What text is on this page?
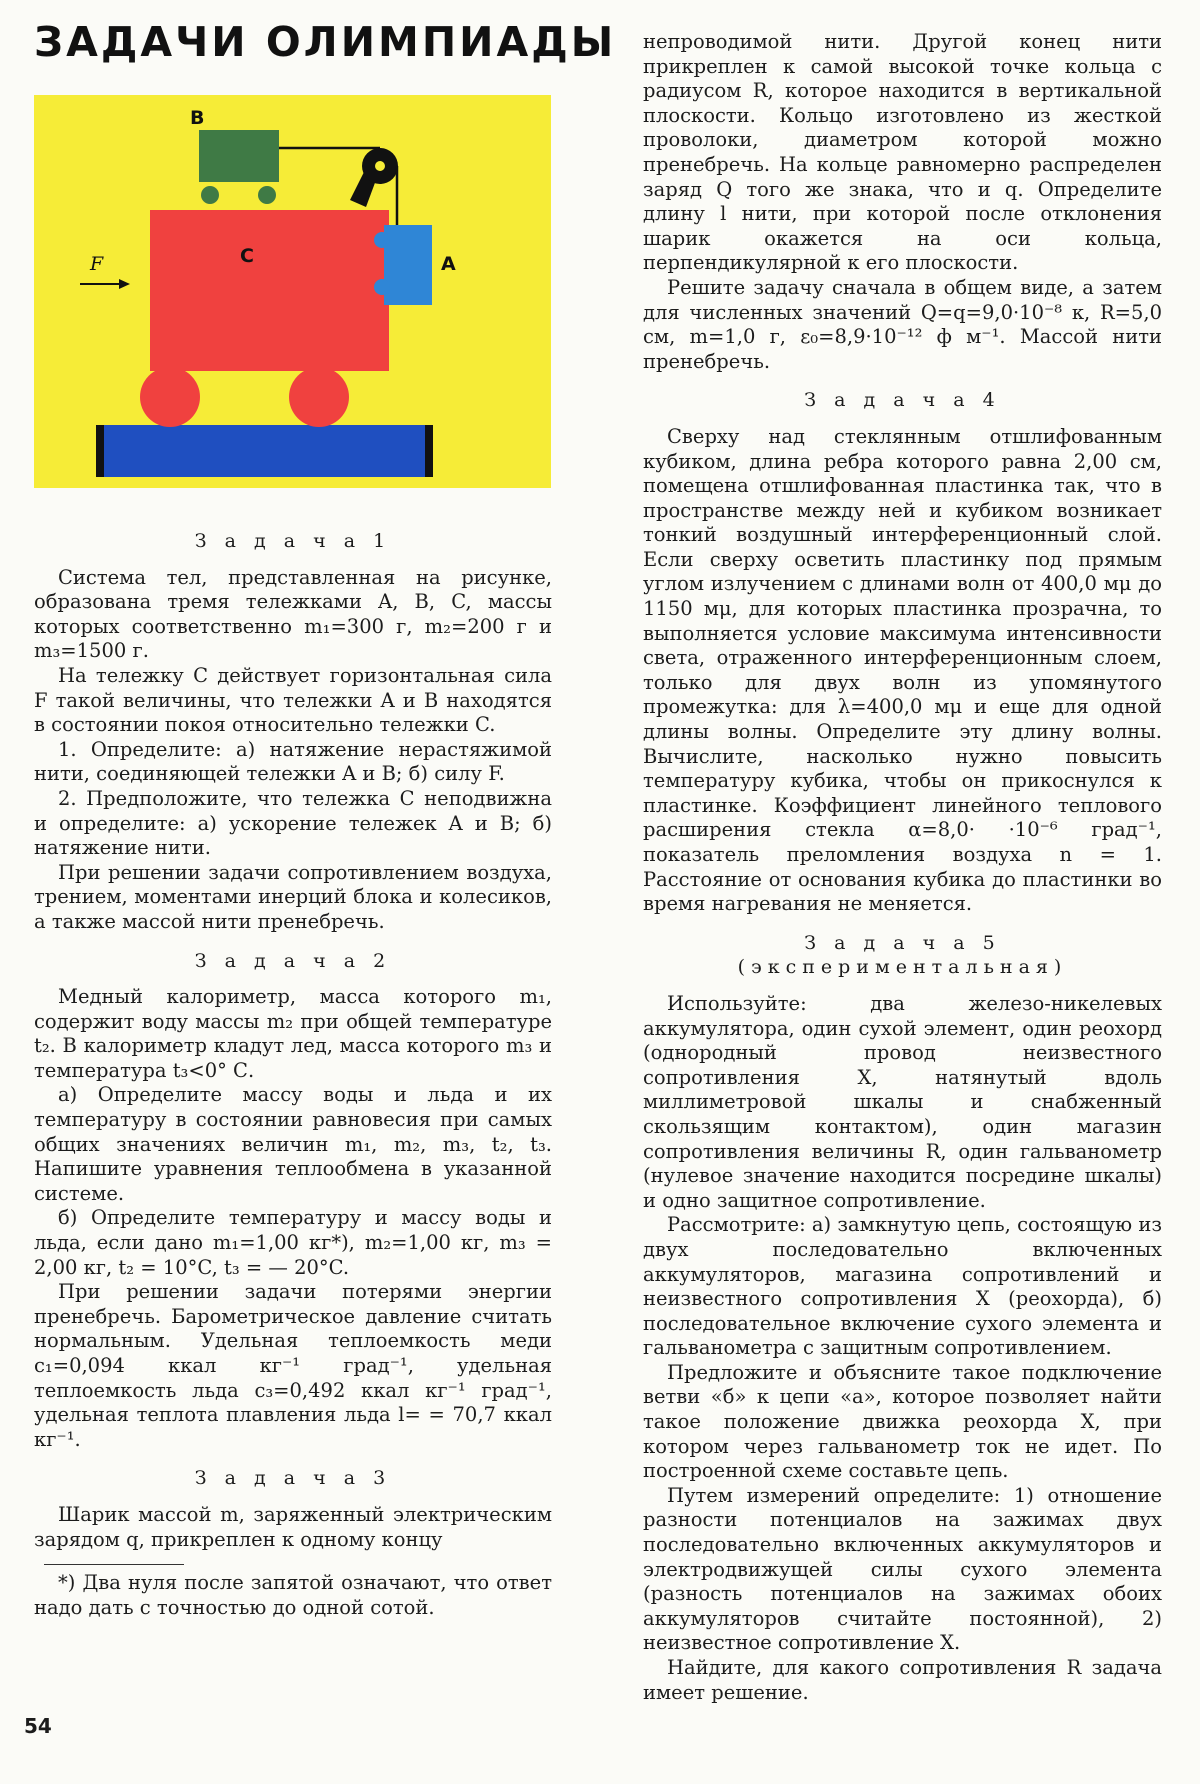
ЗАДАЧИ ОЛИМПИАДЫ
B
C	A
F

З а д а ч а 1

Система тел, представленная на рисунке, образована тремя тележками A, B, C, массы которых соответственно m₁=300 г, m₂=200 г и m₃=1500 г.

На тележку C действует горизонтальная сила F такой величины, что тележки A и B находятся в состоянии покоя относительно тележки C.

1. Определите: а) натяжение нерастяжимой нити, соединяющей тележки A и B; б) силу F.

2. Предположите, что тележка C неподвижна и определите: а) ускорение тележек A и B; б) натяжение нити.

При решении задачи сопротивлением воздуха, трением, моментами инерций блока и колесиков, а также массой нити пренебречь.

З а д а ч а 2

Медный калориметр, масса которого m₁, содержит воду массы m₂ при общей температуре t₂. В калориметр кладут лед, масса которого m₃ и температура t₃<0° С.

а) Определите массу воды и льда и их температуру в состоянии равновесия при самых общих значениях величин m₁, m₂, m₃, t₂, t₃. Напишите уравнения теплообмена в указанной системе.

б) Определите температуру и массу воды и льда, если дано m₁=1,00 кг*), m₂=1,00 кг, m₃ = 2,00 кг, t₂ = 10°C, t₃ = — 20°C.

При решении задачи потерями энергии пренебречь. Барометрическое давление считать нормальным. Удельная теплоемкость меди c₁=0,094 ккал кг⁻¹ град⁻¹, удельная теплоемкость льда c₃=0,492 ккал кг⁻¹ град⁻¹, удельная теплота плавления льда l= = 70,7 ккал кг⁻¹.

З а д а ч а 3

Шарик массой m, заряженный электрическим зарядом q, прикреплен к одному концу

*) Два нуля после запятой означают, что ответ надо дать с точностью до одной сотой.

непроводимой нити. Другой конец нити прикреплен к самой высокой точке кольца с радиусом R, которое находится в вертикальной плоскости. Кольцо изготовлено из жесткой проволоки, диаметром которой можно пренебречь. На кольце равномерно распределен заряд Q того же знака, что и q. Определите длину l нити, при которой после отклонения шарик окажется на оси кольца, перпендикулярной к его плоскости.

Решите задачу сначала в общем виде, а затем для численных значений Q=q=9,0·10⁻⁸ к, R=5,0 см, m=1,0 г, ε₀=8,9·10⁻¹² ф м⁻¹. Массой нити пренебречь.

З а д а ч а 4

Сверху над стеклянным отшлифованным кубиком, длина ребра которого равна 2,00 см, помещена отшлифованная пластинка так, что в пространстве между ней и кубиком возникает тонкий воздушный интерференционный слой. Если сверху осветить пластинку под прямым углом излучением с длинами волн от 400,0 мμ до 1150 мμ, для которых пластинка прозрачна, то выполняется условие максимума интенсивности света, отраженного интерференционным слоем, только для двух волн из упомянутого промежутка: для λ=400,0 мμ и еще для одной длины волны. Определите эту длину волны. Вычислите, насколько нужно повысить температуру кубика, чтобы он прикоснулся к пластинке. Коэффициент линейного теплового расширения стекла α=8,0· ·10⁻⁶ град⁻¹, показатель преломления воздуха n = 1. Расстояние от основания кубика до пластинки во время нагревания не меняется.

З а д а ч а 5 (экспериментальная)

Используйте: два железо-никелевых аккумулятора, один сухой элемент, один реохорд (однородный провод неизвестного сопротивления X, натянутый вдоль миллиметровой шкалы и снабженный скользящим контактом), один магазин сопротивления величины R, один гальванометр (нулевое значение находится посредине шкалы) и одно защитное сопротивление.

Рассмотрите: а) замкнутую цепь, состоящую из двух последовательно включенных аккумуляторов, магазина сопротивлений и неизвестного сопротивления X (реохорда), б) последовательное включение сухого элемента и гальванометра с защитным сопротивлением.

Предложите и объясните такое подключение ветви «б» к цепи «а», которое позволяет найти такое положение движка реохорда X, при котором через гальванометр ток не идет. По построенной схеме составьте цепь.

Путем измерений определите: 1) отношение разности потенциалов на зажимах двух последовательно включенных аккумуляторов и электродвижущей силы сухого элемента (разность потенциалов на зажимах обоих аккумуляторов считайте постоянной), 2) неизвестное сопротивление X.

Найдите, для какого сопротивления R задача имеет решение.

54
